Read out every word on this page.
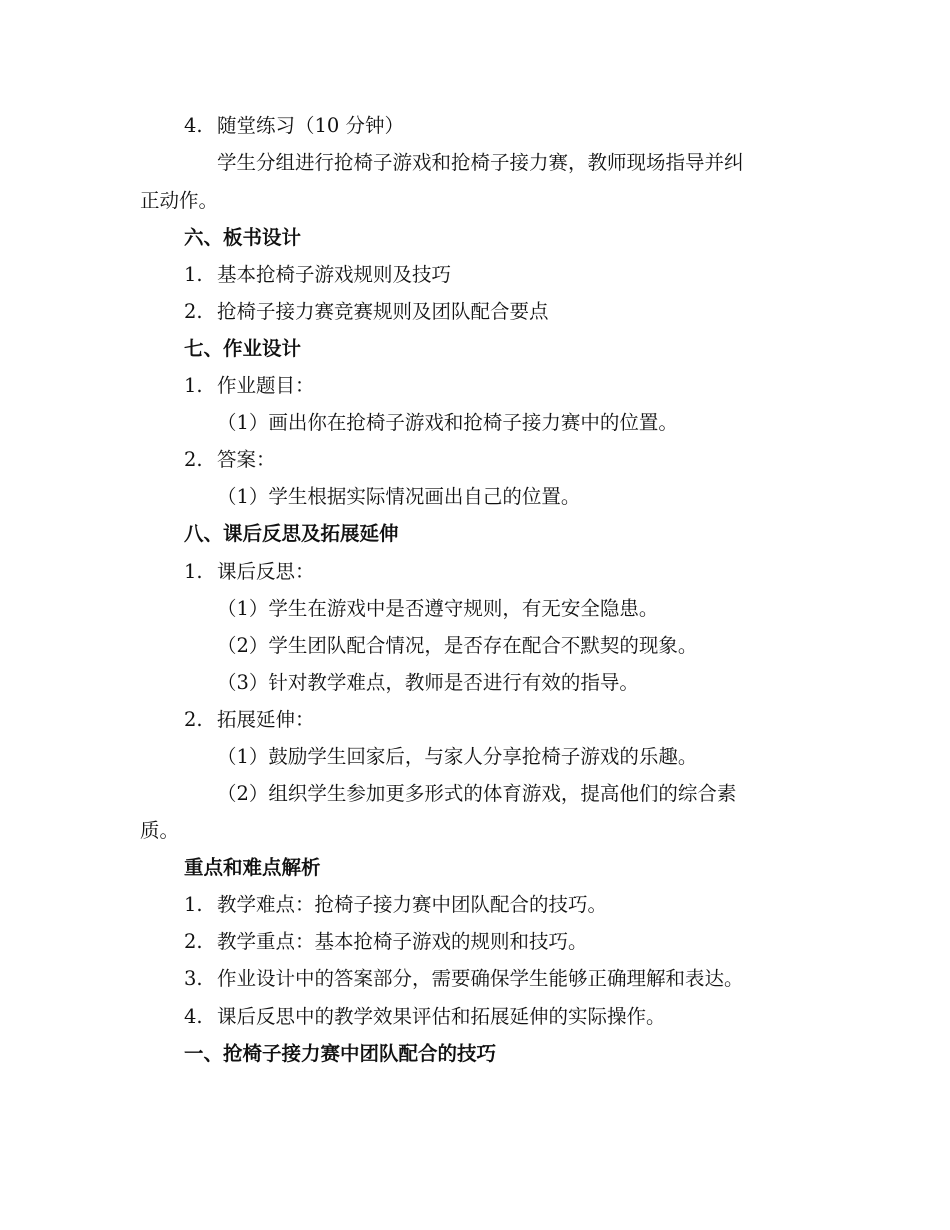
4. 随堂练习（10 分钟）
学生分组进行抢椅子游戏和抢椅子接力赛，教师现场指导并纠
正动作。
六、板书设计
1. 基本抢椅子游戏规则及技巧
2. 抢椅子接力赛竞赛规则及团队配合要点
七、作业设计
1. 作业题目：
（1）画出你在抢椅子游戏和抢椅子接力赛中的位置。
2. 答案：
（1）学生根据实际情况画出自己的位置。
八、课后反思及拓展延伸
1. 课后反思：
（1）学生在游戏中是否遵守规则，有无安全隐患。
（2）学生团队配合情况，是否存在配合不默契的现象。
（3）针对教学难点，教师是否进行有效的指导。
2. 拓展延伸：
（1）鼓励学生回家后，与家人分享抢椅子游戏的乐趣。
（2）组织学生参加更多形式的体育游戏，提高他们的综合素
质。
重点和难点解析
1. 教学难点：抢椅子接力赛中团队配合的技巧。
2. 教学重点：基本抢椅子游戏的规则和技巧。
3. 作业设计中的答案部分，需要确保学生能够正确理解和表达。
4. 课后反思中的教学效果评估和拓展延伸的实际操作。
一、抢椅子接力赛中团队配合的技巧
